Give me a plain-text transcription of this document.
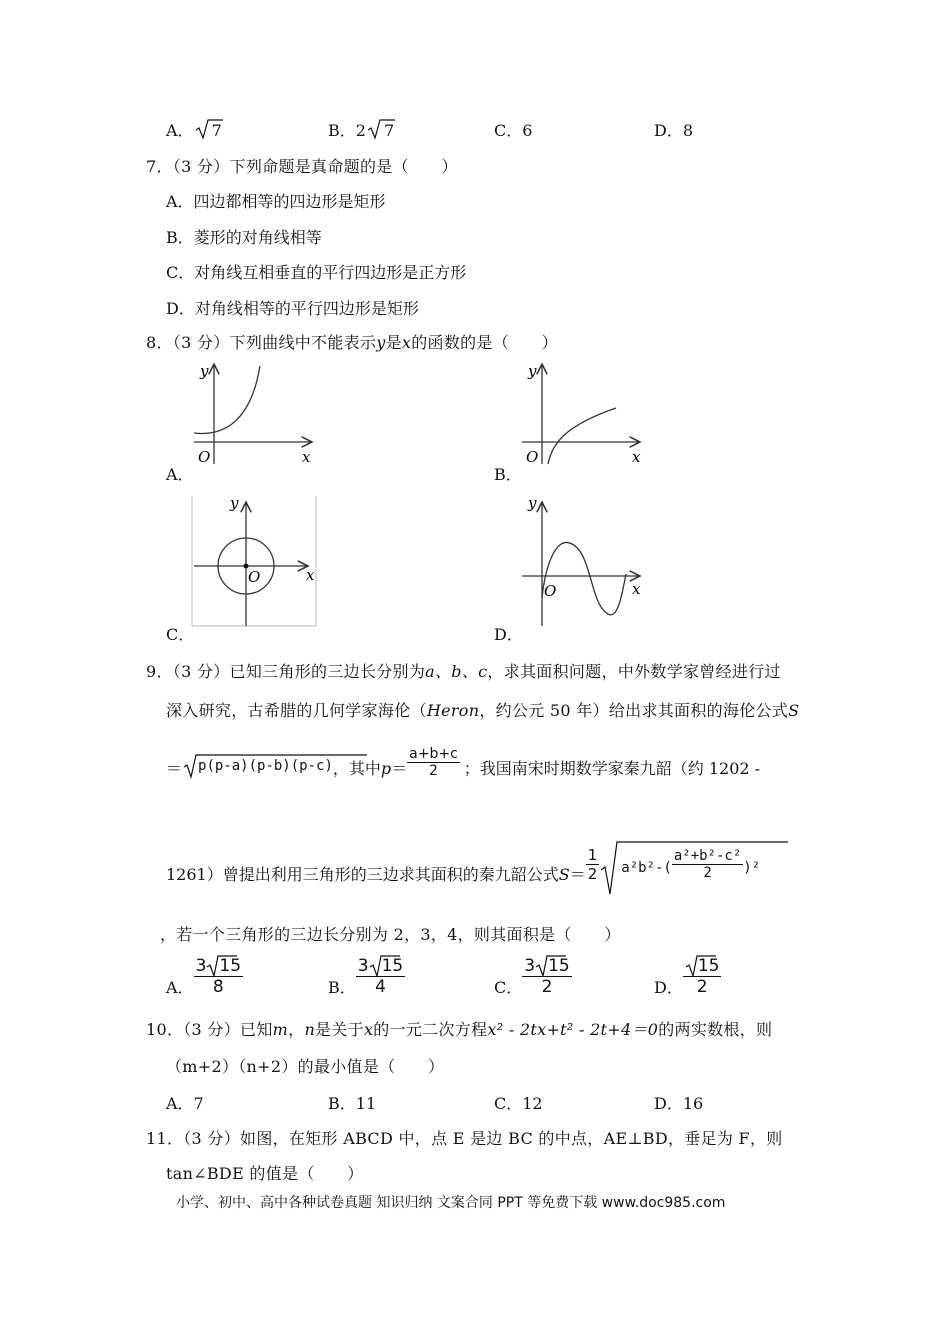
A． 7	B．2 7	C．6	D．8
7．（3 分）下列命题是真命题的是（　　）
A．四边都相等的四边形是矩形
B．菱形的对角线相等
C．对角线互相垂直的平行四边形是正方形
D．对角线相等的平行四边形是矩形
8．（3 分）下列曲线中不能表示y是x的函数的是（　　）
A．	B．
C．	D．
y
x
O
y
x
O
y
x
O
y
x
O
9．（3 分）已知三角形的三边长分别为a、b、c，求其面积问题，中外数学家曾经进行过
深入研究，古希腊的几何学家海伦（Heron，约公元 50 年）给出求其面积的海伦公式S
＝ p(p-a)(p-b)(p-c)，其中$p= \frac{a+b+c}{2}$ ；我国南宋时期数学家秦九韶（约 1202 -
1261）曾提出利用三角形的三边求其面积的秦九韶公式$S= \frac{1}{2} a^2b^2-( \frac{\text{a²+b²-c²}}{2} )^2$
，若一个三角形的三边长分别为 2，3，4，则其面积是（　　）
A． $\frac{3 15}{8}$	B． $\frac{3 15}{4}$	C． $\frac{3 15}{2}$	D． $\frac{15}{2}$
10．（3 分）已知m，n是关于x的一元二次方程x² - 2tx+t² - 2t+4＝0的两实数根，则
（m+2）（n+2）的最小值是（　　）
A．7	B．11	C．12	D．16
11．（3 分）如图，在矩形 ABCD 中，点 E 是边 BC 的中点，AE⊥BD，垂足为 F，则
tan∠BDE 的值是（　　）
小学、初中、高中各种试卷真题 知识归纳 文案合同 PPT 等免费下载 www.doc985.com
